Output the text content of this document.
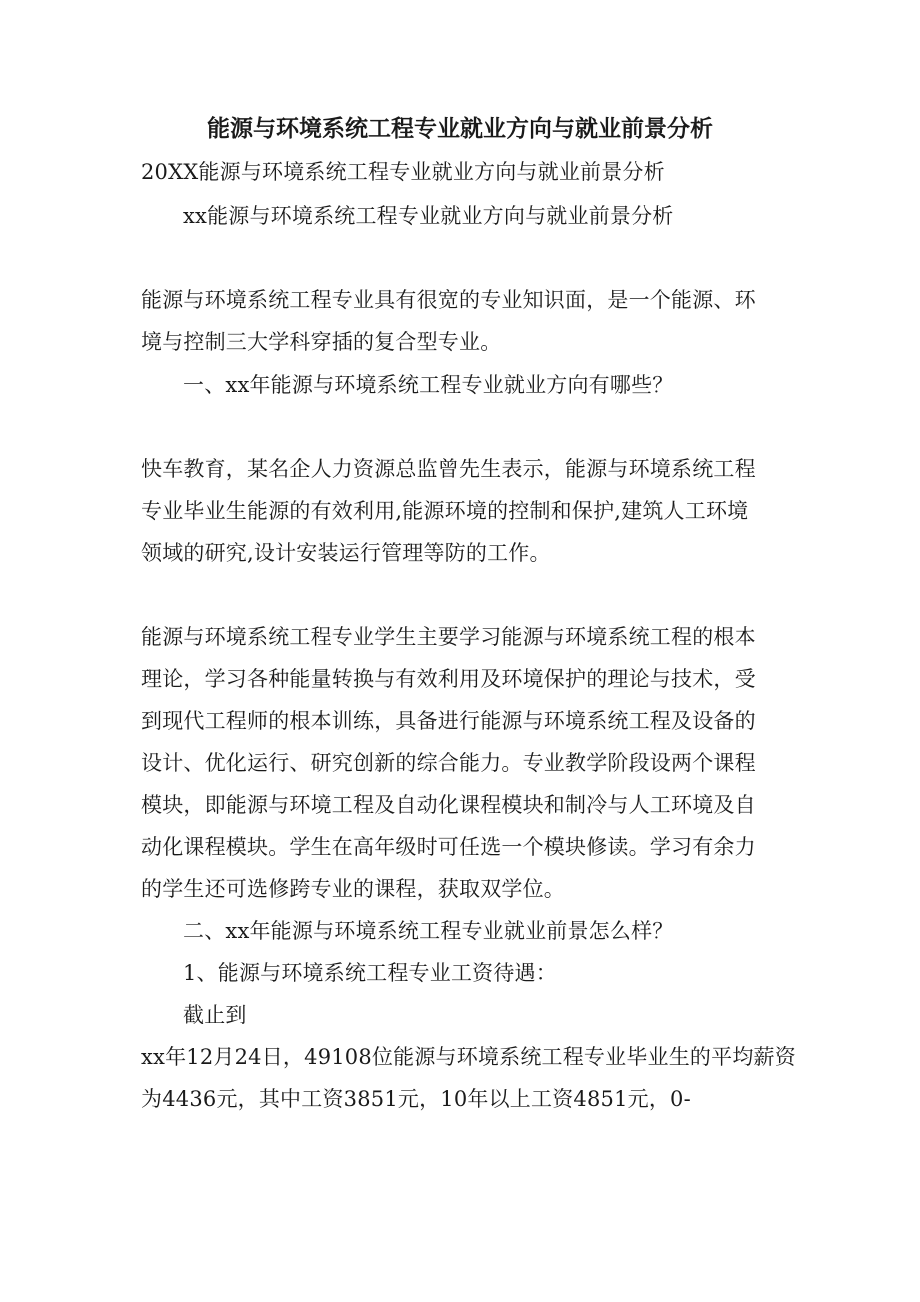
能源与环境系统工程专业就业方向与就业前景分析
20XX能源与环境系统工程专业就业方向与就业前景分析
xx能源与环境系统工程专业就业方向与就业前景分析
能源与环境系统工程专业具有很宽的专业知识面，是一个能源、环
境与控制三大学科穿插的复合型专业。
一、xx年能源与环境系统工程专业就业方向有哪些？
快车教育，某名企人力资源总监曾先生表示，能源与环境系统工程
专业毕业生能源的有效利用,能源环境的控制和保护,建筑人工环境
领域的研究,设计安装运行管理等防的工作。
能源与环境系统工程专业学生主要学习能源与环境系统工程的根本
理论，学习各种能量转换与有效利用及环境保护的理论与技术，受
到现代工程师的根本训练，具备进行能源与环境系统工程及设备的
设计、优化运行、研究创新的综合能力。专业教学阶段设两个课程
模块，即能源与环境工程及自动化课程模块和制冷与人工环境及自
动化课程模块。学生在高年级时可任选一个模块修读。学习有余力
的学生还可选修跨专业的课程，获取双学位。
二、xx年能源与环境系统工程专业就业前景怎么样？
1、能源与环境系统工程专业工资待遇：
截止到
xx年12月24日，49108位能源与环境系统工程专业毕业生的平均薪资
为4436元，其中工资3851元，10年以上工资4851元，0-
